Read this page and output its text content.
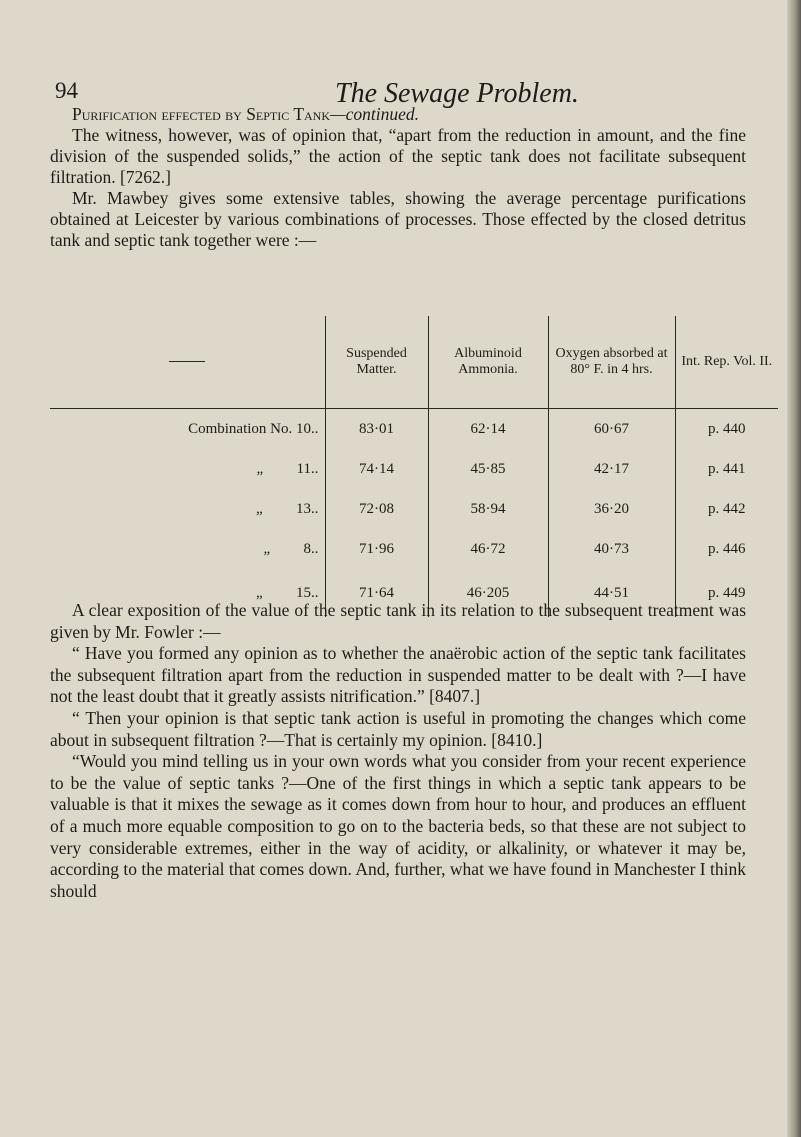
94	The Sewage Problem.

Purification effected by Septic Tank—continued.

The witness, however, was of opinion that, “apart from the reduction in amount, and the fine division of the suspended solids,” the action of the septic tank does not facilitate subsequent filtration. [7262.]

Mr. Mawbey gives some extensive tables, showing the average percentage purifications obtained at Leicester by various combinations of processes. Those effected by the closed detritus tank and septic tank together were :—

	Suspended Matter.	Albuminoid Ammonia.	Oxygen absorbed at 80° F. in 4 hrs.	Int. Rep. Vol. II.
Combination No. 10..	83·01	62·14	60·67	p. 440
„ 11..	74·14	45·85	42·17	p. 441
„ 13..	72·08	58·94	36·20	p. 442
„ 8..	71·96	46·72	40·73	p. 446
„ 15..	71·64	46·205	44·51	p. 449

A clear exposition of the value of the septic tank in its relation to the subsequent treatment was given by Mr. Fowler :—

“ Have you formed any opinion as to whether the anaërobic action of the septic tank facilitates the subsequent filtration apart from the reduction in suspended matter to be dealt with ?—I have not the least doubt that it greatly assists nitrification.” [8407.]

“ Then your opinion is that septic tank action is useful in promoting the changes which come about in subsequent filtration ?—That is certainly my opinion. [8410.]

“Would you mind telling us in your own words what you consider from your recent experience to be the value of septic tanks ?—One of the first things in which a septic tank appears to be valuable is that it mixes the sewage as it comes down from hour to hour, and produces an effluent of a much more equable composition to go on to the bacteria beds, so that these are not subject to very considerable extremes, either in the way of acidity, or alkalinity, or whatever it may be, according to the material that comes down. And, further, what we have found in Manchester I think should
